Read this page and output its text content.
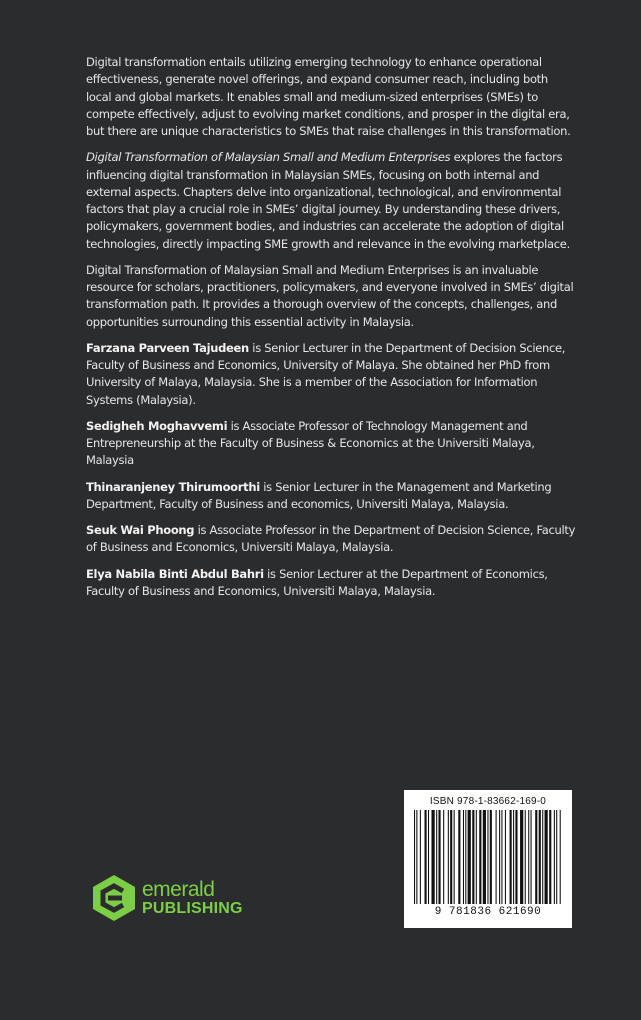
Digital transformation entails utilizing emerging technology to enhance operational effectiveness, generate novel offerings, and expand consumer reach, including both local and global markets. It enables small and medium-sized enterprises (SMEs) to compete effectively, adjust to evolving market conditions, and prosper in the digital era, but there are unique characteristics to SMEs that raise challenges in this transformation.

Digital Transformation of Malaysian Small and Medium Enterprises explores the factors influencing digital transformation in Malaysian SMEs, focusing on both internal and external aspects. Chapters delve into organizational, technological, and environmental factors that play a crucial role in SMEs’ digital journey. By understanding these drivers, policymakers, government bodies, and industries can accelerate the adoption of digital technologies, directly impacting SME growth and relevance in the evolving marketplace.

Digital Transformation of Malaysian Small and Medium Enterprises is an invaluable resource for scholars, practitioners, policymakers, and everyone involved in SMEs’ digital transformation path. It provides a thorough overview of the concepts, challenges, and opportunities surrounding this essential activity in Malaysia.

Farzana Parveen Tajudeen is Senior Lecturer in the Department of Decision Science, Faculty of Business and Economics, University of Malaya. She obtained her PhD from University of Malaya, Malaysia. She is a member of the Association for Information Systems (Malaysia).

Sedigheh Moghavvemi is Associate Professor of Technology Management and Entrepreneurship at the Faculty of Business & Economics at the Universiti Malaya, Malaysia

Thinaranjeney Thirumoorthi is Senior Lecturer in the Management and Marketing Department, Faculty of Business and economics, Universiti Malaya, Malaysia.

Seuk Wai Phoong is Associate Professor in the Department of Decision Science, Faculty of Business and Economics, Universiti Malaya, Malaysia.

Elya Nabila Binti Abdul Bahri is Senior Lecturer at the Department of Economics, Faculty of Business and Economics, Universiti Malaya, Malaysia.

ISBN 978-1-83662-169-0
9 781836 621690
emerald
PUBLISHING
